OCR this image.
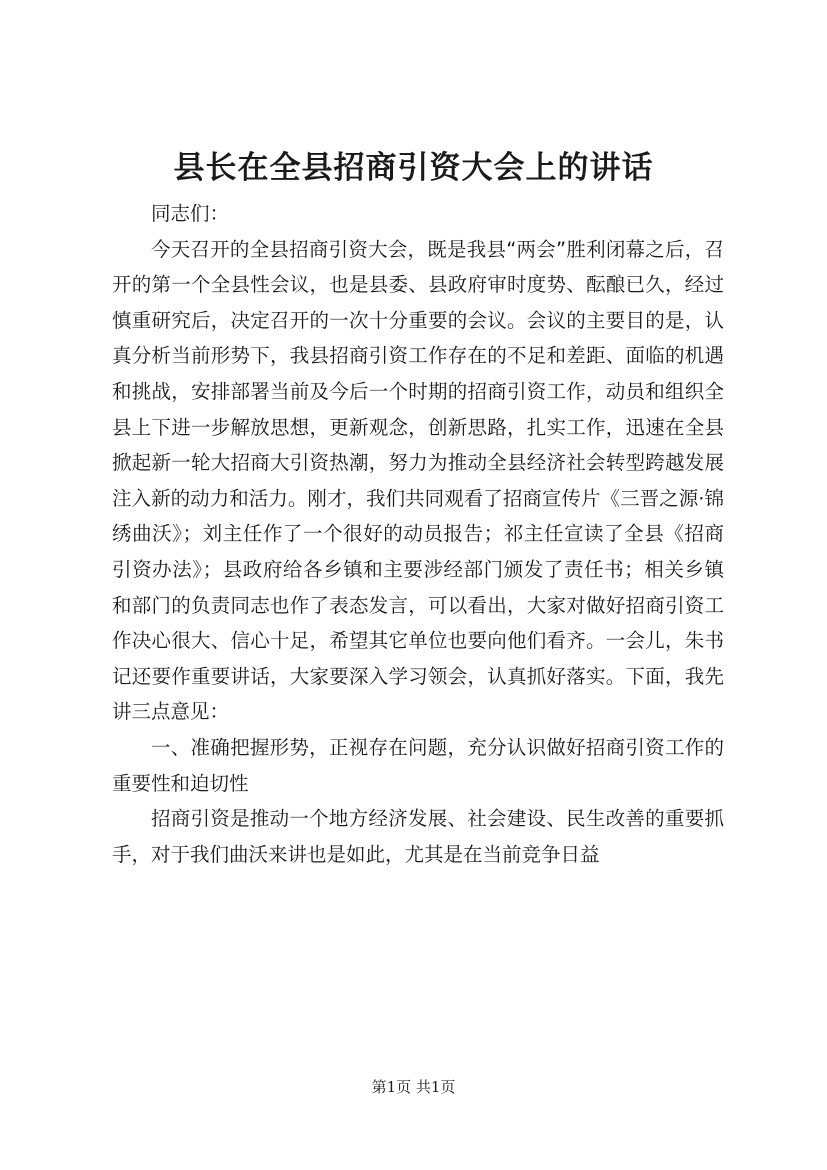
县长在全县招商引资大会上的讲话

同志们：

今天召开的全县招商引资大会，既是我县“两会”胜利闭幕之后，召开的第一个全县性会议，也是县委、县政府审时度势、酝酿已久，经过慎重研究后，决定召开的一次十分重要的会议。会议的主要目的是，认真分析当前形势下，我县招商引资工作存在的不足和差距、面临的机遇和挑战，安排部署当前及今后一个时期的招商引资工作，动员和组织全县上下进一步解放思想，更新观念，创新思路，扎实工作，迅速在全县掀起新一轮大招商大引资热潮，努力为推动全县经济社会转型跨越发展注入新的动力和活力。刚才，我们共同观看了招商宣传片《三晋之源·锦绣曲沃》；刘主任作了一个很好的动员报告；祁主任宣读了全县《招商引资办法》；县政府给各乡镇和主要涉经部门颁发了责任书；相关乡镇和部门的负责同志也作了表态发言，可以看出，大家对做好招商引资工作决心很大、信心十足，希望其它单位也要向他们看齐。一会儿，朱书记还要作重要讲话，大家要深入学习领会，认真抓好落实。下面，我先讲三点意见：

一、准确把握形势，正视存在问题，充分认识做好招商引资工作的重要性和迫切性

招商引资是推动一个地方经济发展、社会建设、民生改善的重要抓手，对于我们曲沃来讲也是如此，尤其是在当前竞争日益

第1页 共1页
